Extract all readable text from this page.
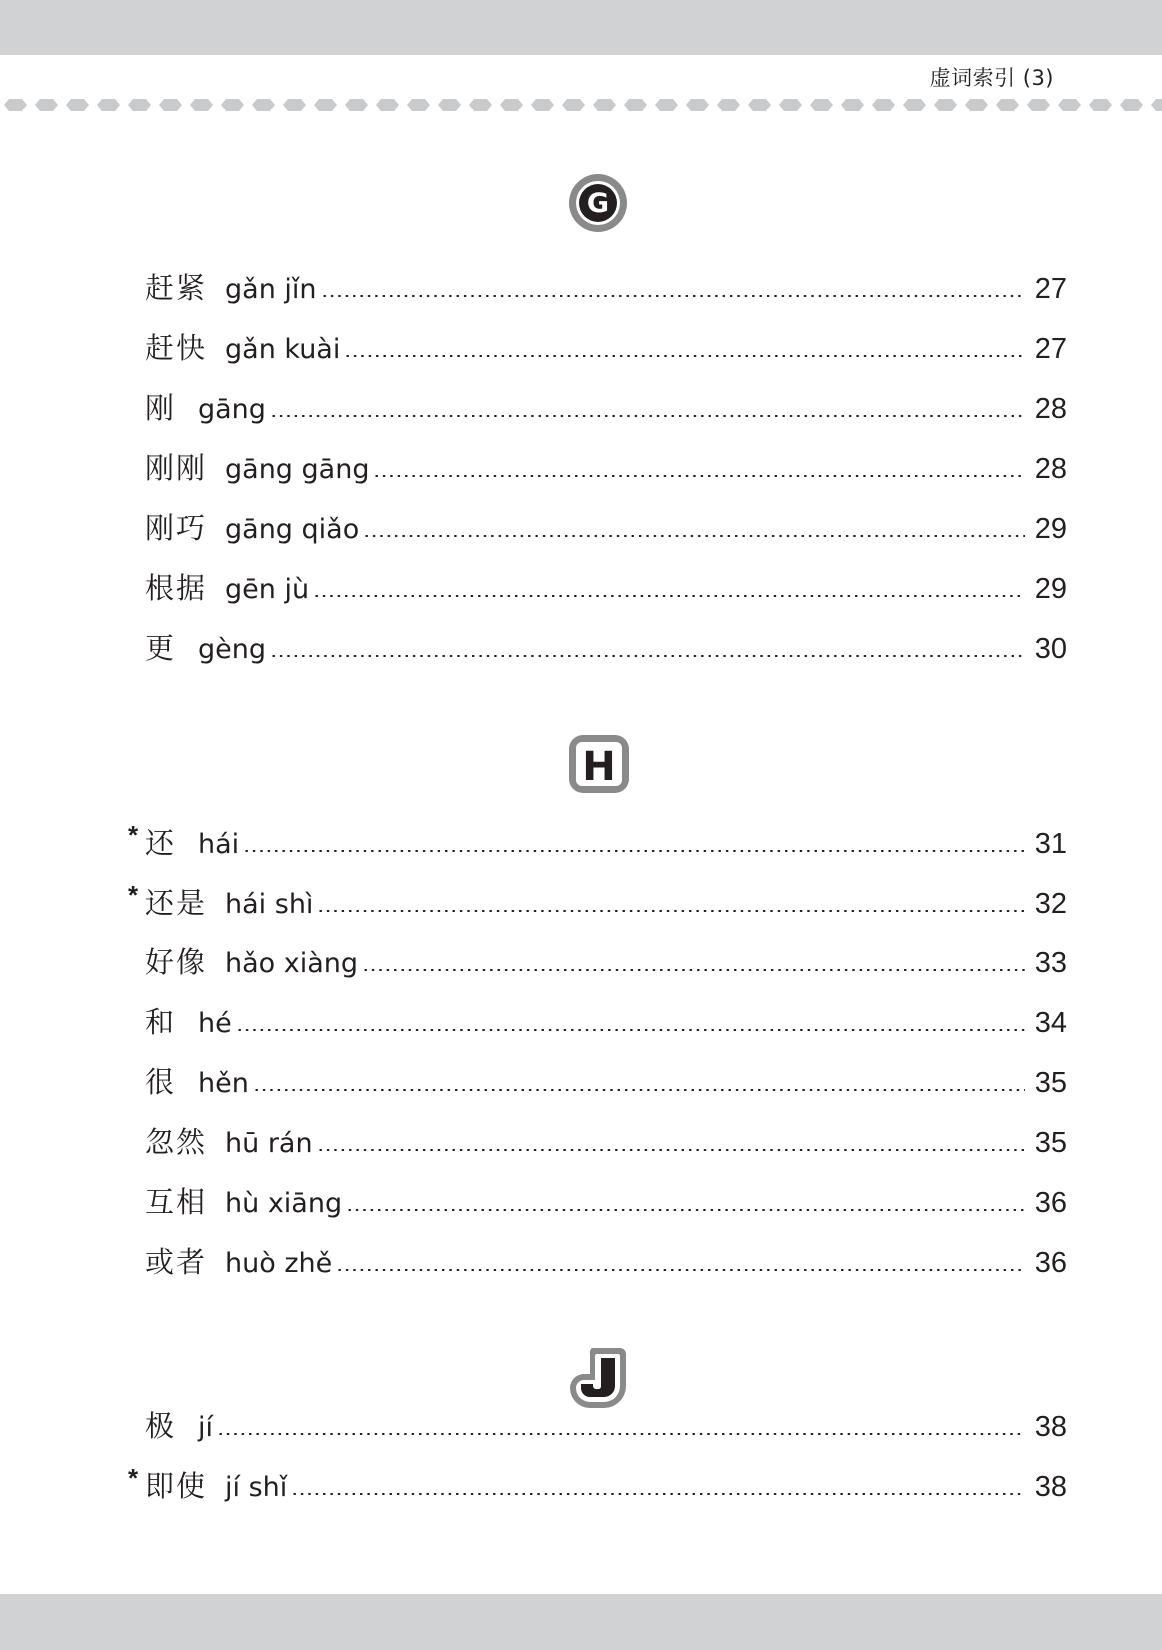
虚词索引 (3)
G
赶紧 gǎn jǐn	27
赶快 gǎn kuài	27
刚 gāng	28
刚刚 gāng gāng	28
刚巧 gāng qiǎo	29
根据 gēn jù	29
更 gèng	30
H
* 还 hái	31
* 还是 hái shì	32
好像 hǎo xiàng	33
和 hé	34
很 hěn	35
忽然 hū rán	35
互相 hù xiāng	36
或者 huò zhě	36
极 jí	38
* 即使 jí shǐ	38
